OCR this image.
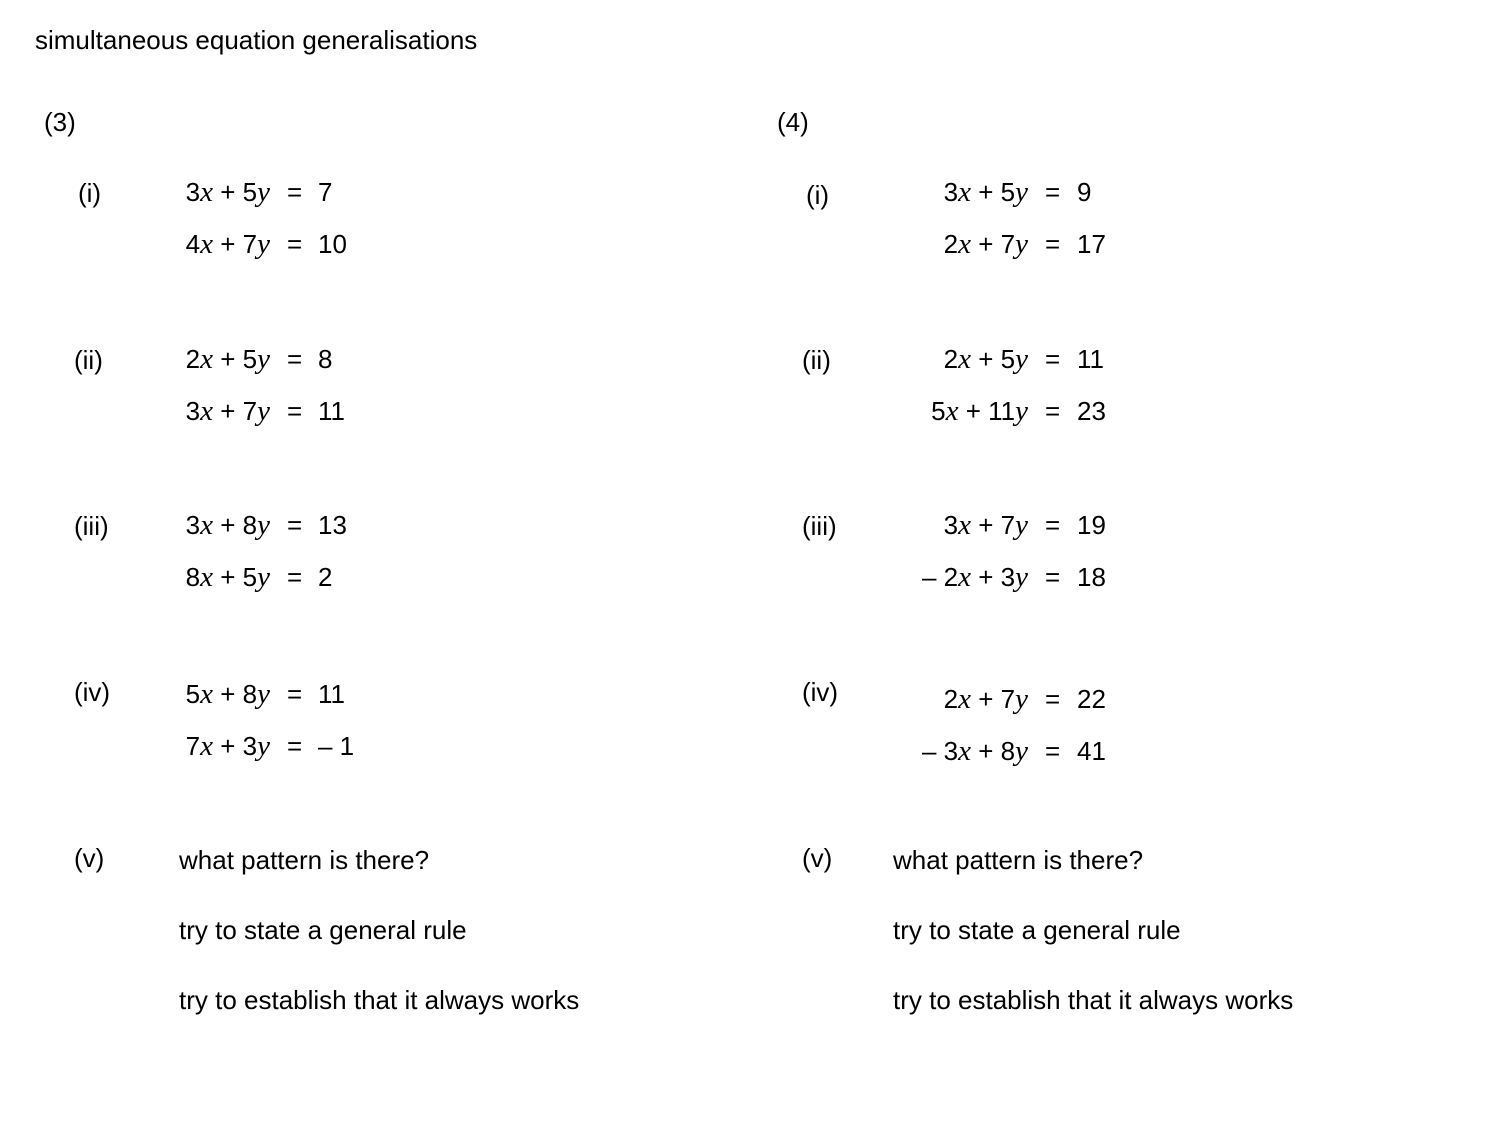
simultaneous equation generalisations
(3)
(i)	3x + 5y = 7
4x + 7y = 10
(ii)	2x + 5y = 8
3x + 7y = 11
(iii)	3x + 8y = 13
8x + 5y = 2
(iv)	5x + 8y = 11
7x + 3y = – 1
(v)	what pattern is there?
try to state a general rule
try to establish that it always works
(4)
(i)	3x + 5y = 9
2x + 7y = 17
(ii)	2x + 5y = 11
5x + 11y = 23
(iii)	3x + 7y = 19
– 2x + 3y = 18
(iv)	2x + 7y = 22
– 3x + 8y = 41
(v) what pattern is there?
try to state a general rule
try to establish that it always works
